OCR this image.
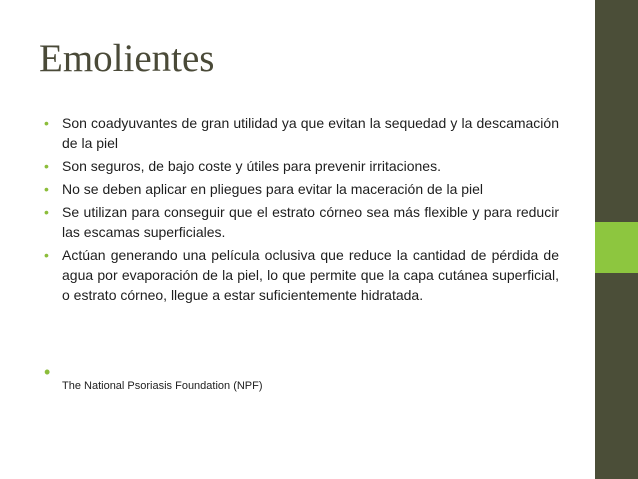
Emolientes
• Son coadyuvantes de gran utilidad ya que evitan la sequedad y la descamación de la piel
• Son seguros, de bajo coste y útiles para prevenir irritaciones.
• No se deben aplicar en pliegues para evitar la maceración de la piel
• Se utilizan para conseguir que el estrato córneo sea más flexible y para reducir las escamas superficiales.
• Actúan generando una película oclusiva que reduce la cantidad de pérdida de agua por evaporación de la piel, lo que permite que la capa cutánea superficial, o estrato córneo, llegue a estar suficientemente hidratada.
•
The National Psoriasis Foundation (NPF)
